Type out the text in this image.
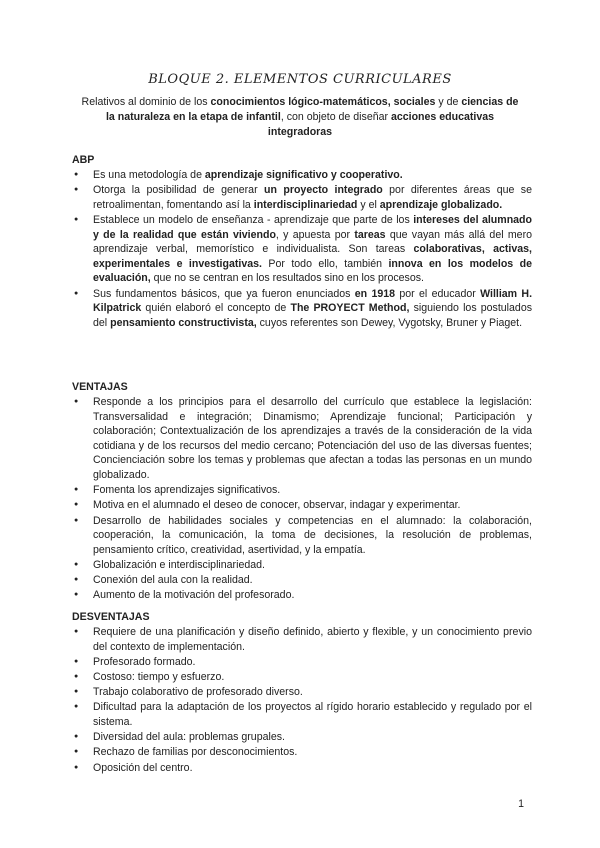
BLOQUE 2. ELEMENTOS CURRICULARES
Relativos al dominio de los conocimientos lógico-matemáticos, sociales y de ciencias de la naturaleza en la etapa de infantil, con objeto de diseñar acciones educativas integradoras
ABP
● Es una metodología de aprendizaje significativo y cooperativo.
● Otorga la posibilidad de generar un proyecto integrado por diferentes áreas que se retroalimentan, fomentando así la interdisciplinariedad y el aprendizaje globalizado.
● Establece un modelo de enseñanza - aprendizaje que parte de los intereses del alumnado y de la realidad que están viviendo, y apuesta por tareas que vayan más allá del mero aprendizaje verbal, memorístico e individualista. Son tareas colaborativas, activas, experimentales e investigativas. Por todo ello, también innova en los modelos de evaluación, que no se centran en los resultados sino en los procesos.
● Sus fundamentos básicos, que ya fueron enunciados en 1918 por el educador William H. Kilpatrick quién elaboró el concepto de The PROYECT Method, siguiendo los postulados del pensamiento constructivista, cuyos referentes son Dewey, Vygotsky, Bruner y Piaget.
VENTAJAS
● Responde a los principios para el desarrollo del currículo que establece la legislación: Transversalidad e integración; Dinamismo; Aprendizaje funcional; Participación y colaboración; Contextualización de los aprendizajes a través de la consideración de la vida cotidiana y de los recursos del medio cercano; Potenciación del uso de las diversas fuentes; Concienciación sobre los temas y problemas que afectan a todas las personas en un mundo globalizado.
● Fomenta los aprendizajes significativos.
● Motiva en el alumnado el deseo de conocer, observar, indagar y experimentar.
● Desarrollo de habilidades sociales y competencias en el alumnado: la colaboración, cooperación, la comunicación, la toma de decisiones, la resolución de problemas, pensamiento crítico, creatividad, asertividad, y la empatía.
● Globalización e interdisciplinariedad.
● Conexión del aula con la realidad.
● Aumento de la motivación del profesorado.
DESVENTAJAS
● Requiere de una planificación y diseño definido, abierto y flexible, y un conocimiento previo del contexto de implementación.
● Profesorado formado.
● Costoso: tiempo y esfuerzo.
● Trabajo colaborativo de profesorado diverso.
● Dificultad para la adaptación de los proyectos al rígido horario establecido y regulado por el sistema.
● Diversidad del aula: problemas grupales.
● Rechazo de familias por desconocimientos.
● Oposición del centro.
1
